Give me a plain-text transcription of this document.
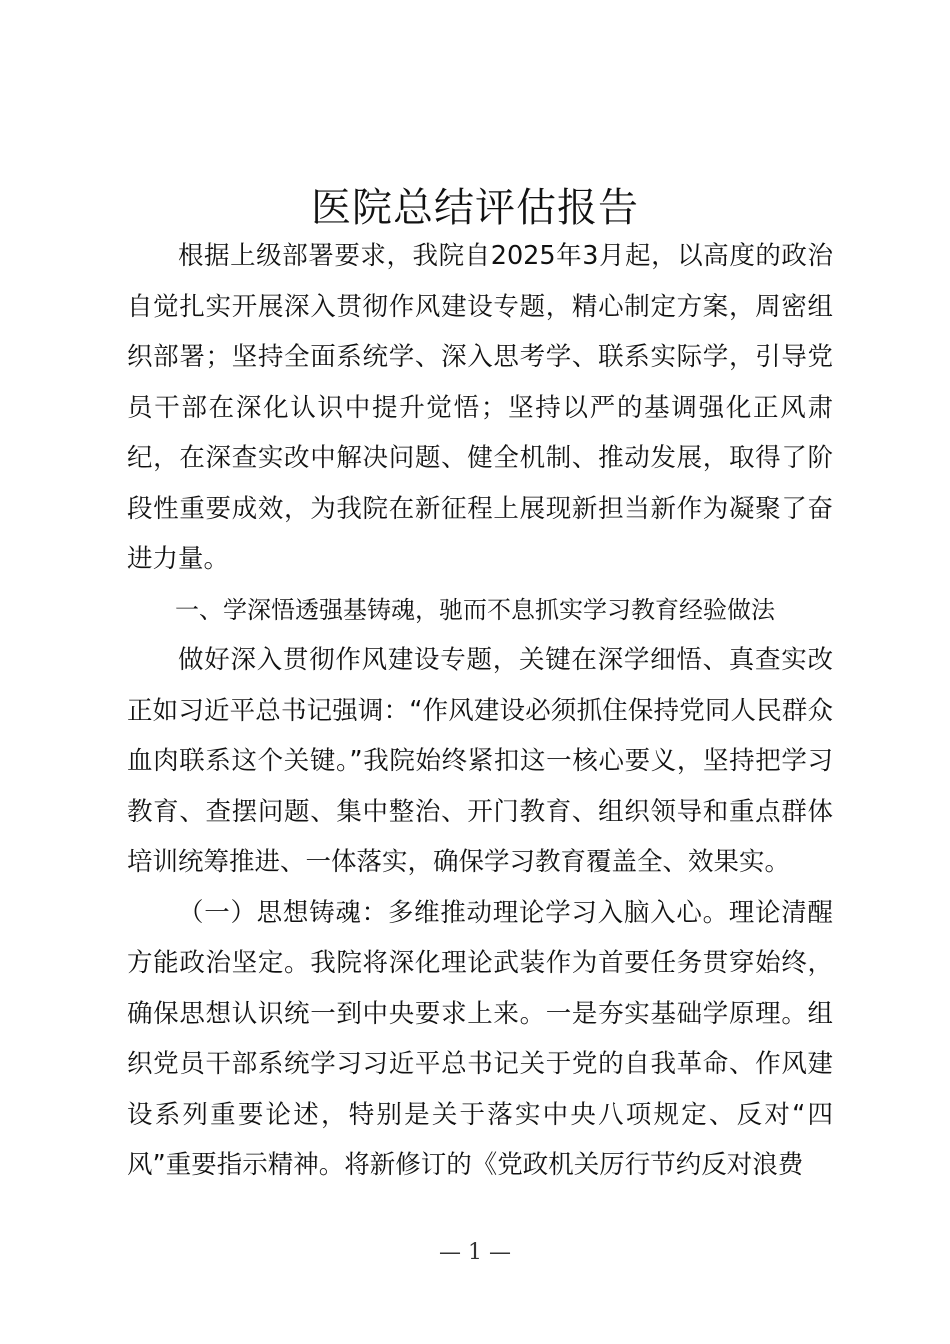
医院总结评估报告

根据上级部署要求，我院自2025年3月起，以高度的政治自觉扎实开展深入贯彻作风建设专题，精心制定方案，周密组织部署；坚持全面系统学、深入思考学、联系实际学，引导党员干部在深化认识中提升觉悟；坚持以严的基调强化正风肃纪，在深查实改中解决问题、健全机制、推动发展，取得了阶段性重要成效，为我院在新征程上展现新担当新作为凝聚了奋进力量。

一、学深悟透强基铸魂，驰而不息抓实学习教育经验做法

做好深入贯彻作风建设专题，关键在深学细悟、真查实改正如习近平总书记强调：“作风建设必须抓住保持党同人民群众血肉联系这个关键。”我院始终紧扣这一核心要义，坚持把学习教育、查摆问题、集中整治、开门教育、组织领导和重点群体培训统筹推进、一体落实，确保学习教育覆盖全、效果实。

（一）思想铸魂：多维推动理论学习入脑入心。理论清醒方能政治坚定。我院将深化理论武装作为首要任务贯穿始终，确保思想认识统一到中央要求上来。一是夯实基础学原理。组织党员干部系统学习习近平总书记关于党的自我革命、作风建设系列重要论述，特别是关于落实中央八项规定、反对“四风”重要指示精神。将新修订的《党政机关厉行节约反对浪费

— 1 —
